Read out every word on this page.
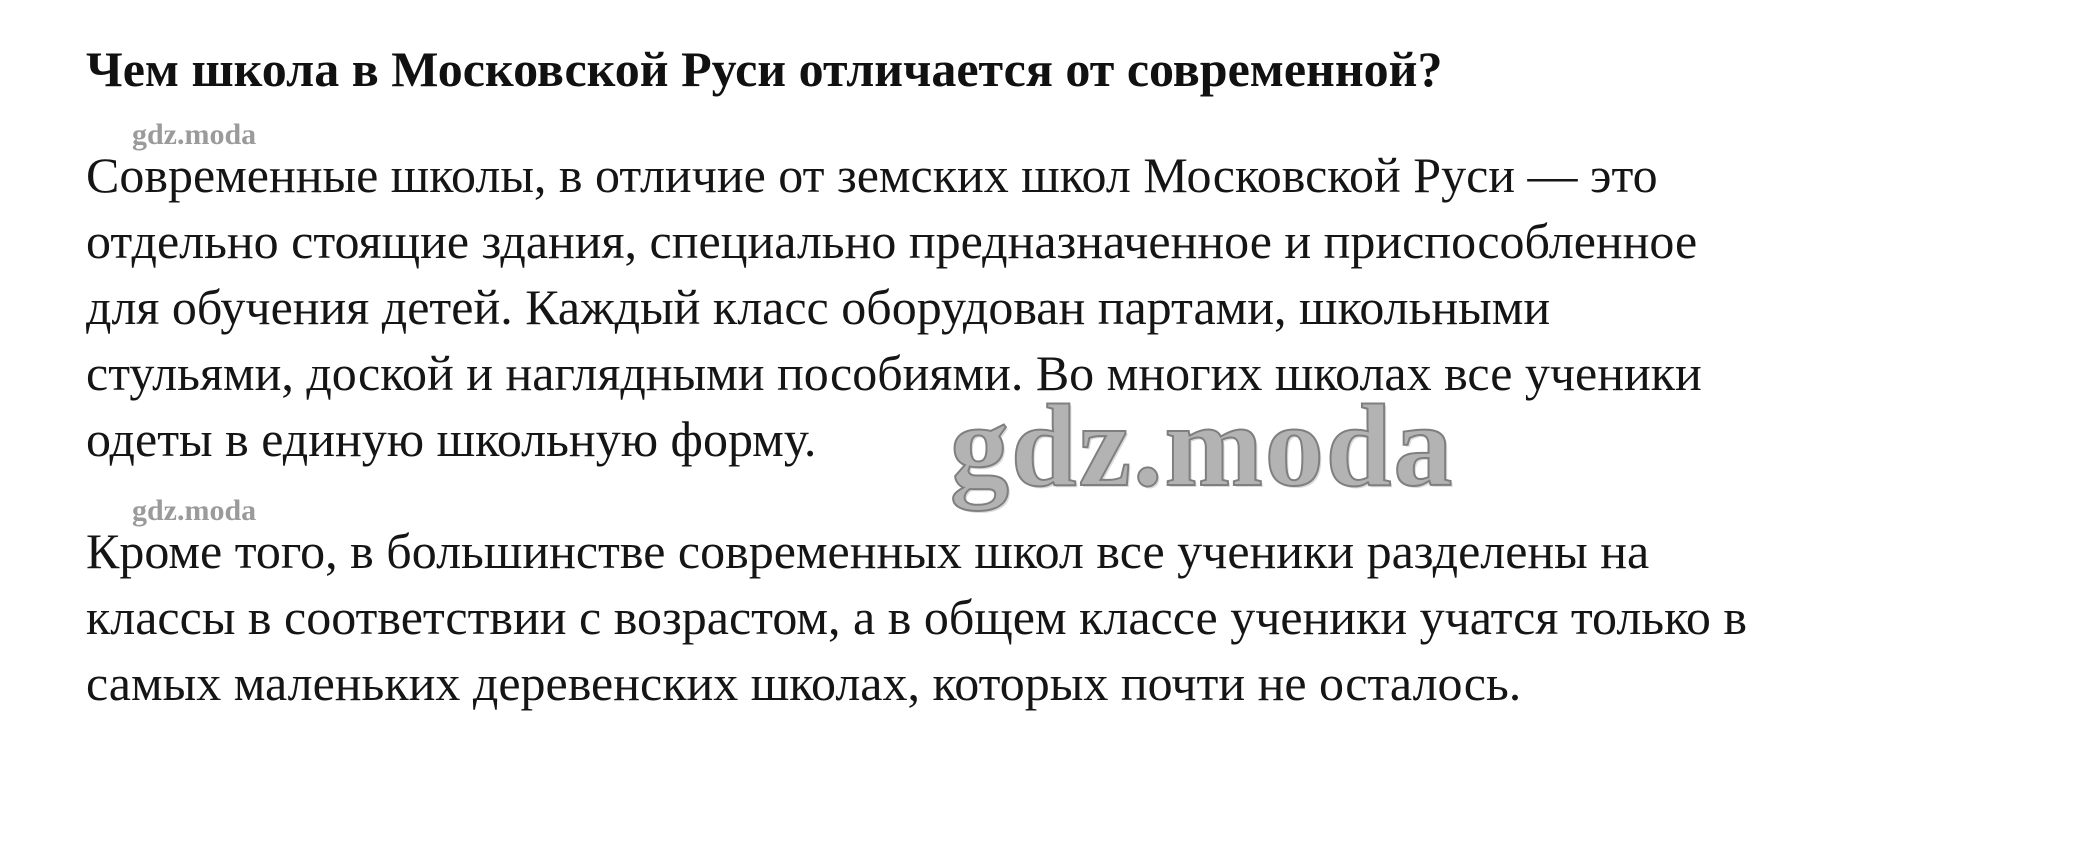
Чем школа в Московской Руси отличается от современной?
gdz.moda

Современные школы, в отличие от земских школ Московской Руси — это
отдельно стоящие здания, специально предназначенное и приспособленное
для обучения детей. Каждый класс оборудован партами, школьными
стульями, доской и наглядными пособиями. Во многих школах все ученики
одеты в единую школьную форму.	gdz.moda
gdz.moda

Кроме того, в большинстве современных школ все ученики разделены на
классы в соответствии с возрастом, а в общем классе ученики учатся только в
самых маленьких деревенских школах, которых почти не осталось.
